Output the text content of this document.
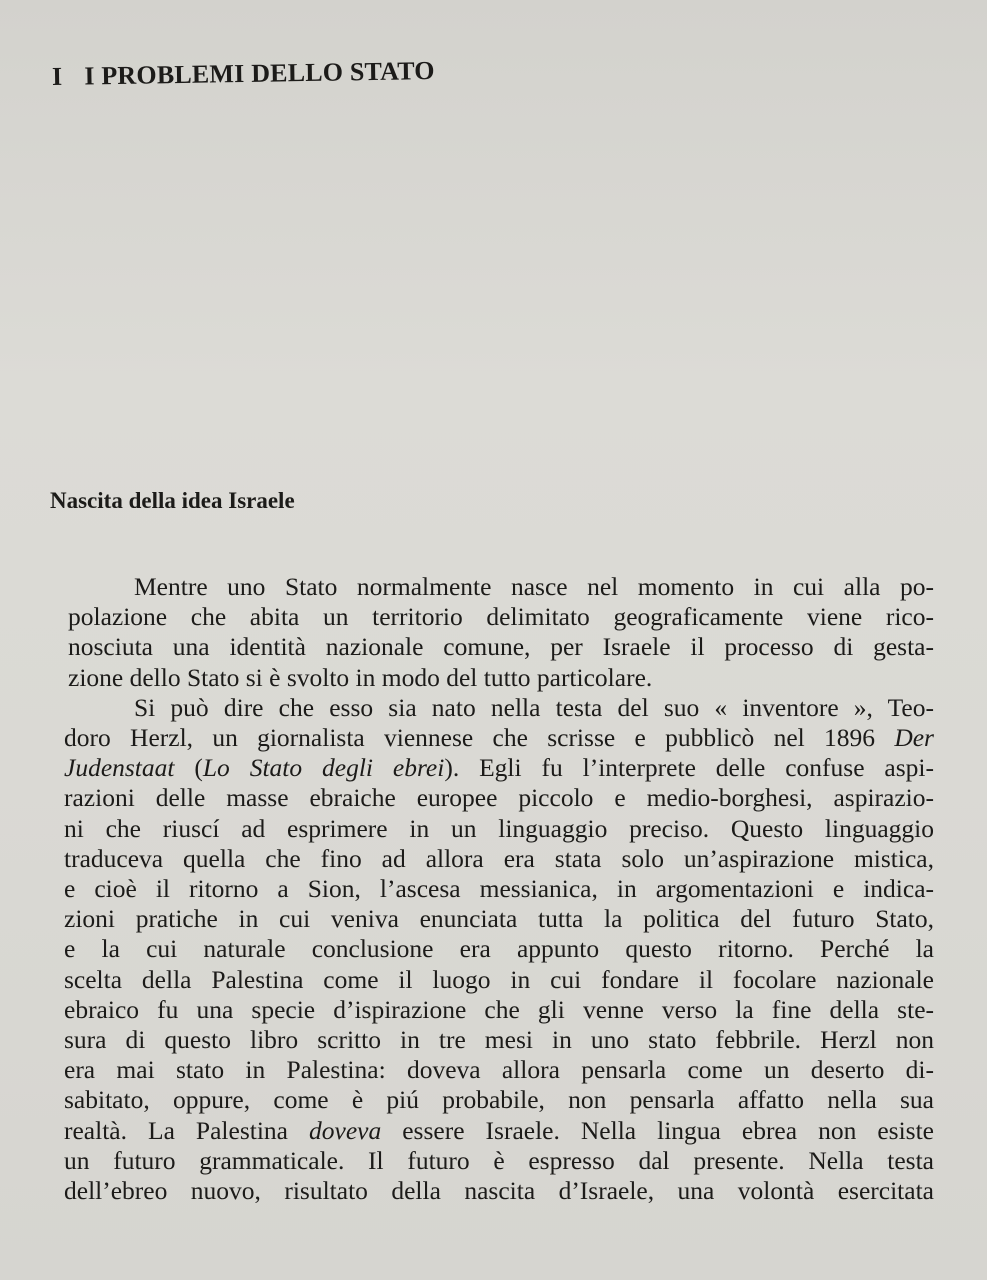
I I PROBLEMI DELLO STATO
Nascita della idea Israele

Mentre uno Stato normalmente nasce nel momento in cui alla po-
polazione che abita un territorio delimitato geograficamente viene rico-
nosciuta una identità nazionale comune, per Israele il processo di gesta-
zione dello Stato si è svolto in modo del tutto particolare.

Si può dire che esso sia nato nella testa del suo « inventore », Teo-
doro Herzl, un giornalista viennese che scrisse e pubblicò nel 1896 Der
Judenstaat (Lo Stato degli ebrei). Egli fu l’interprete delle confuse aspi-
razioni delle masse ebraiche europee piccolo e medio-borghesi, aspirazio-
ni che riuscí ad esprimere in un linguaggio preciso. Questo linguaggio
traduceva quella che fino ad allora era stata solo un’aspirazione mistica,
e cioè il ritorno a Sion, l’ascesa messianica, in argomentazioni e indica-
zioni pratiche in cui veniva enunciata tutta la politica del futuro Stato,
e la cui naturale conclusione era appunto questo ritorno. Perché la
scelta della Palestina come il luogo in cui fondare il focolare nazionale
ebraico fu una specie d’ispirazione che gli venne verso la fine della ste-
sura di questo libro scritto in tre mesi in uno stato febbrile. Herzl non
era mai stato in Palestina: doveva allora pensarla come un deserto di-
sabitato, oppure, come è piú probabile, non pensarla affatto nella sua
realtà. La Palestina doveva essere Israele. Nella lingua ebrea non esiste
un futuro grammaticale. Il futuro è espresso dal presente. Nella testa
dell’ebreo nuovo, risultato della nascita d’Israele, una volontà esercitata
